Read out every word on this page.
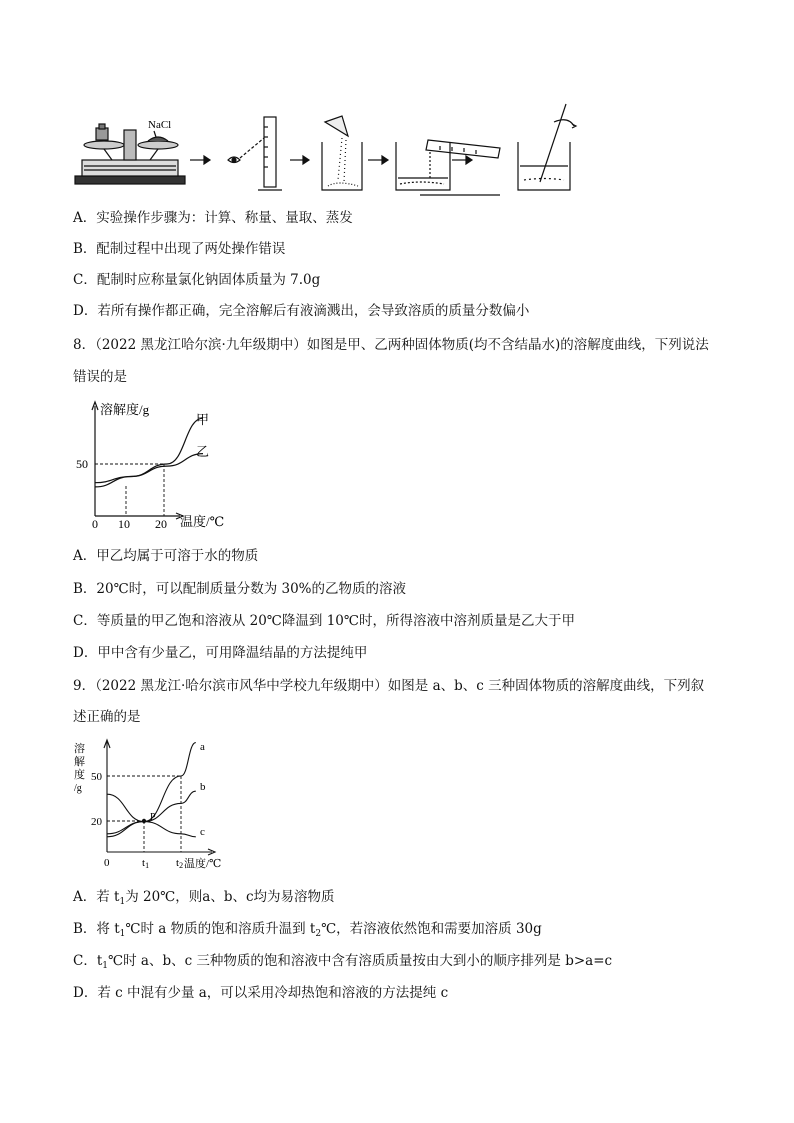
NaCl
A．实验操作步骤为：计算、称量、量取、蒸发
B．配制过程中出现了两处操作错误
C．配制时应称量氯化钠固体质量为 7.0g
D．若所有操作都正确，完全溶解后有液滴溅出，会导致溶质的质量分数偏小
8．（2022 黑龙江哈尔滨·九年级期中）如图是甲、乙两种固体物质(均不含结晶水)的溶解度曲线，下列说法
错误的是
溶解度/g
温度/℃
0 10 20
50
甲
乙
A．甲乙均属于可溶于水的物质
B．20℃时，可以配制质量分数为 30%的乙物质的溶液
C．等质量的甲乙饱和溶液从 20℃降温到 10℃时，所得溶液中溶剂质量是乙大于甲
D．甲中含有少量乙，可用降温结晶的方法提纯甲
9．（2022 黑龙江·哈尔滨市风华中学校九年级期中）如图是 a、b、c 三种固体物质的溶解度曲线，下列叙
述正确的是
溶
解
度
/g
50
20
0	t1 t2 温度/℃
P
a
b
c
A．若 $t_1$为 20℃，则a、b、c均为易溶物质
B．将 $t_1℃$时 a 物质的饱和溶质升温到 $t_2℃$，若溶液依然饱和需要加溶质 30g
C．$t_1℃$时 a、b、c 三种物质的饱和溶液中含有溶质质量按由大到小的顺序排列是 b>a=c
D．若 c 中混有少量 a，可以采用冷却热饱和溶液的方法提纯 c
